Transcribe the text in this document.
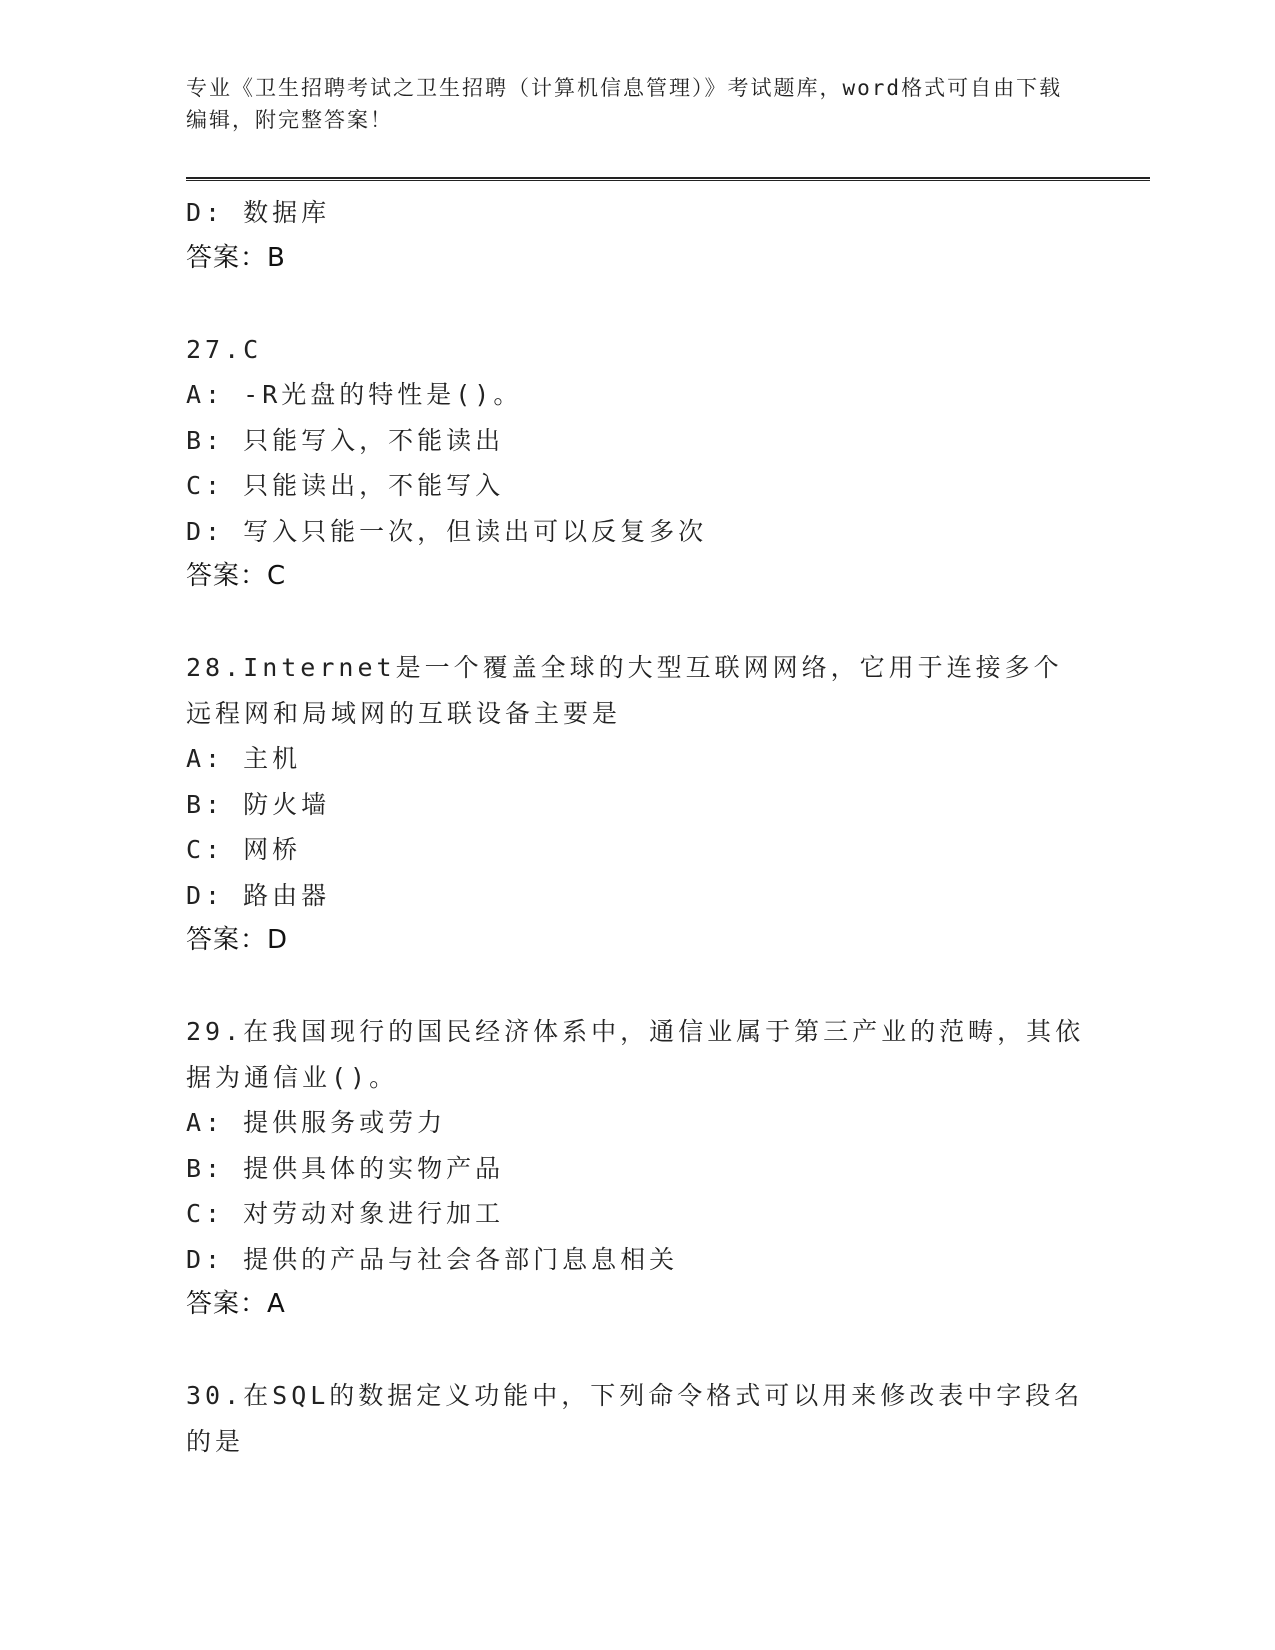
专业《卫生招聘考试之卫生招聘（计算机信息管理）》考试题库，word格式可自由下载编辑，附完整答案！
D: 数据库
答案：B
27.C
A: -R光盘的特性是()。
B: 只能写入，不能读出
C: 只能读出，不能写入
D: 写入只能一次，但读出可以反复多次
答案：C
28.Internet是一个覆盖全球的大型互联网网络，它用于连接多个远程网和局域网的互联设备主要是
A: 主机
B: 防火墙
C: 网桥
D: 路由器
答案：D
29.在我国现行的国民经济体系中，通信业属于第三产业的范畴，其依据为通信业()。
A: 提供服务或劳力
B: 提供具体的实物产品
C: 对劳动对象进行加工
D: 提供的产品与社会各部门息息相关
答案：A
30.在SQL的数据定义功能中，下列命令格式可以用来修改表中字段名的是
